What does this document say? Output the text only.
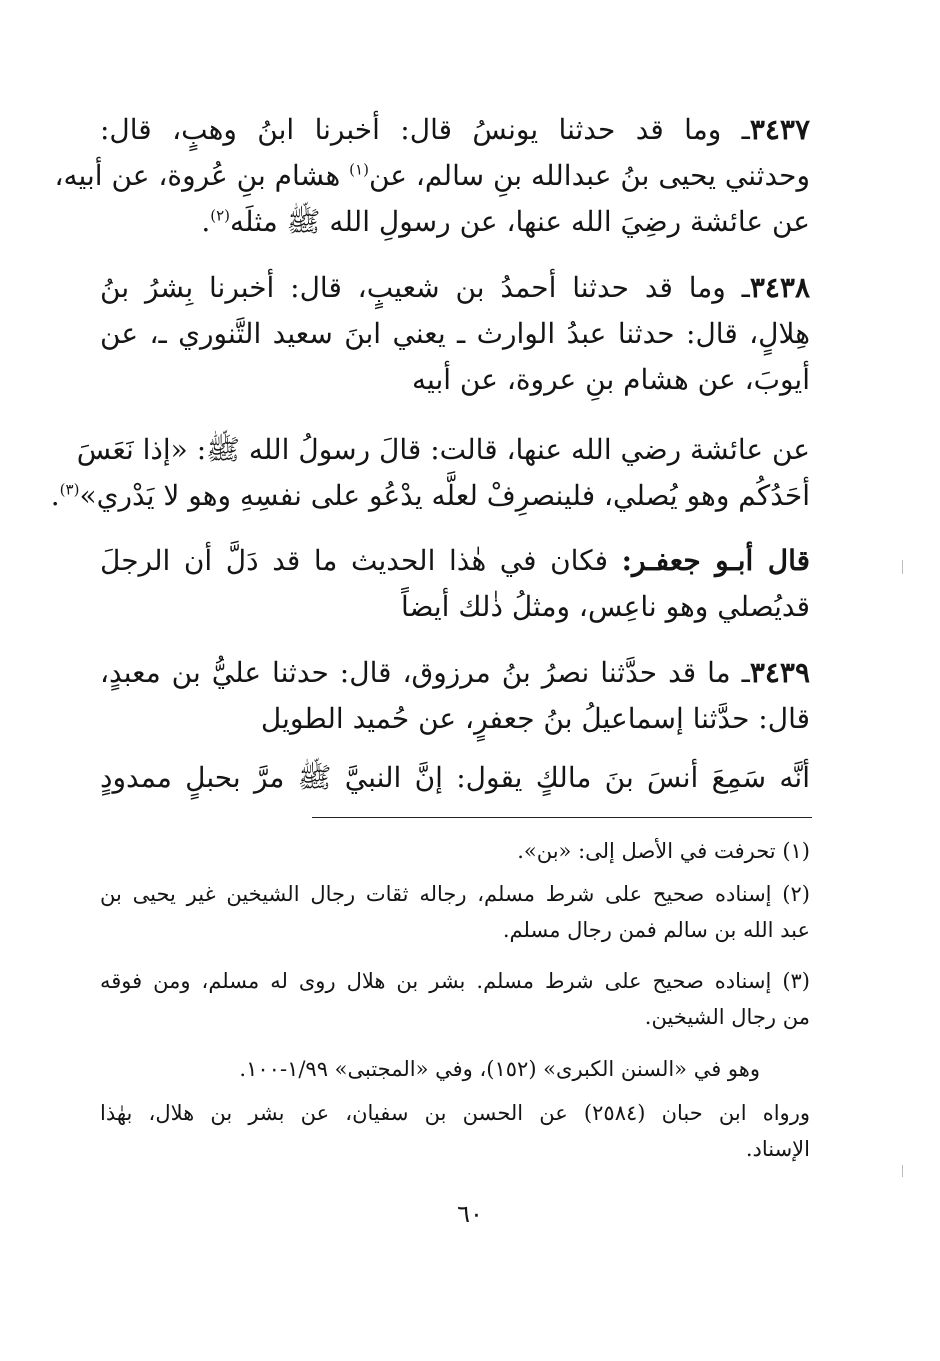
٣٤٣٧ـ وما قد حدثنا يونسُ قال: أخبرنا ابنُ وهبٍ، قال:
وحدثني يحيى بنُ عبدالله بنِ سالم، عن$^{(١)}$ هشام بنِ عُروة، عن أبيه،
عن عائشة رضِيَ الله عنها، عن رسولِ الله ﷺ مثلَه$^{(٢)}$.
٣٤٣٨ـ وما قد حدثنا أحمدُ بن شعيبٍ، قال: أخبرنا بِشرُ بنُ
هِلالٍ، قال: حدثنا عبدُ الوارث ـ يعني ابنَ سعيد التَّنوري ـ، عن
أيوبَ، عن هشام بنِ عروة، عن أبيه
عن عائشة رضي الله عنها، قالت: قالَ رسولُ الله ﷺ: «إذا نَعَسَ
أحَدُكُم وهو يُصلي، فلينصرِفْ لعلَّه يدْعُو على نفسِهِ وهو لا يَدْري»$^{(٣)}$.
قال أبـو جعفـر: فكان في هٰذا الحديث ما قد دَلَّ أن الرجلَ
قديُصلي وهو ناعِس، ومثلُ ذٰلك أيضاً
٣٤٣٩ـ ما قد حدَّثنا نصرُ بنُ مرزوق، قال: حدثنا عليُّ بن معبدٍ،
قال: حدَّثنا إسماعيلُ بنُ جعفرٍ، عن حُميد الطويل
أنَّه سَمِعَ أنسَ بنَ مالكٍ يقول: إنَّ النبيَّ ﷺ مرَّ بحبلٍ ممدودٍ
(١) تحرفت في الأصل إلى: «بن».
(٢) إسناده صحيح على شرط مسلم، رجاله ثقات رجال الشيخين غير يحيى بن
عبد الله بن سالم فمن رجال مسلم.
(٣) إسناده صحيح على شرط مسلم. بشر بن هلال روى له مسلم، ومن فوقه
من رجال الشيخين.
وهو في «السنن الكبرى» (١٥٢)، وفي «المجتبى» ١/٩٩-١٠٠.
ورواه ابن حبان (٢٥٨٤) عن الحسن بن سفيان، عن بشر بن هلال، بهٰذا
الإسناد.
٦٠
